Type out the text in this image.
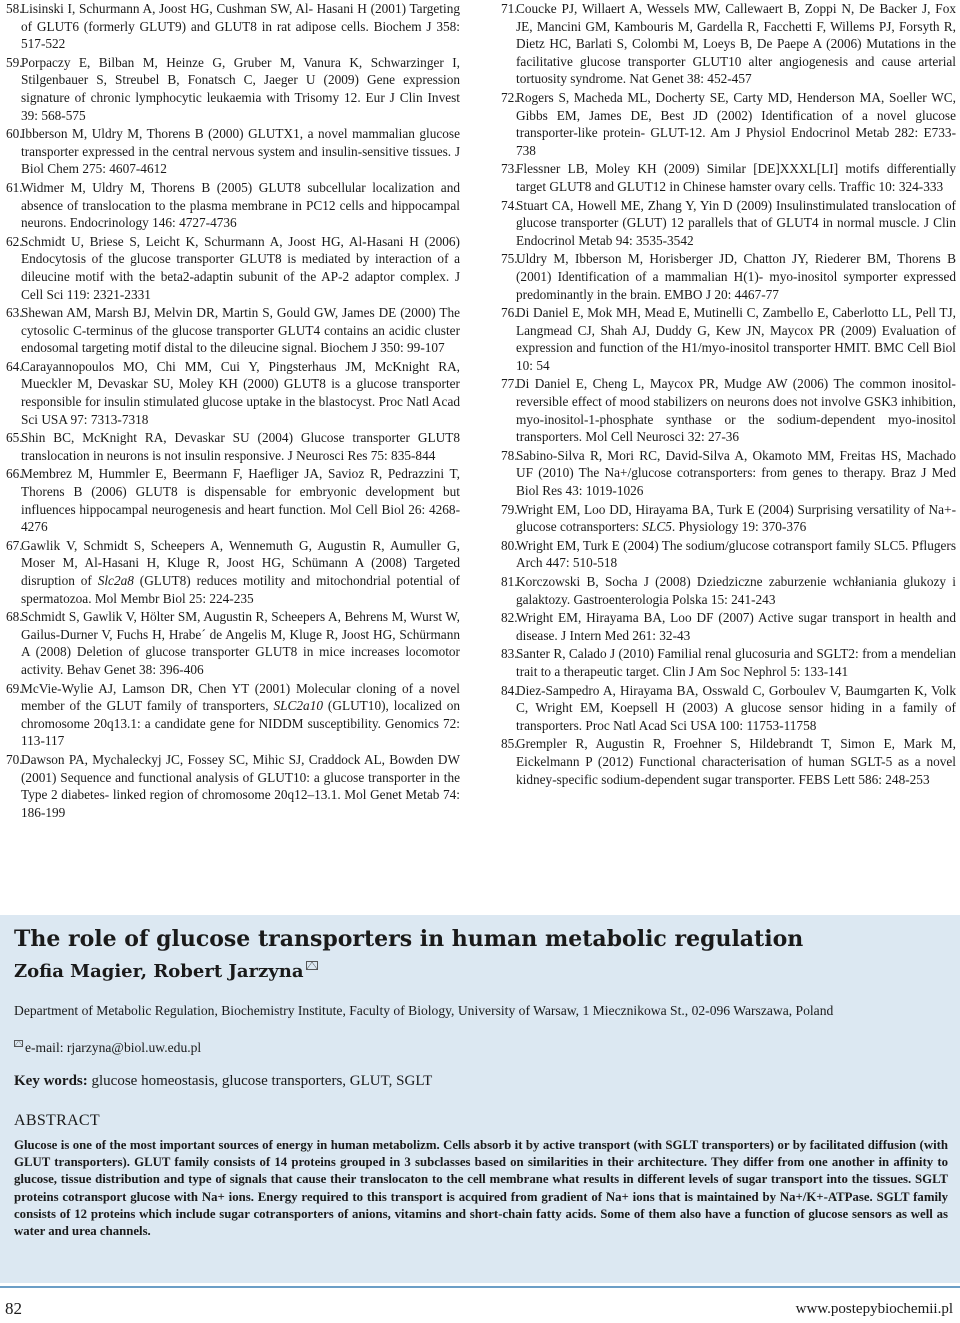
58.
Lisinski I, Schurmann A, Joost HG, Cushman SW, Al- Hasani H (2001) Targeting of GLUT6 (formerly GLUT9) and GLUT8 in rat adipose cells. Biochem J 358: 517-522
59.
Porpaczy E, Bilban M, Heinze G, Gruber M, Vanura K, Schwarzinger I, Stilgenbauer S, Streubel B, Fonatsch C, Jaeger U (2009) Gene expression signature of chronic lymphocytic leukaemia with Trisomy 12. Eur J Clin Invest 39: 568-575
60.
Ibberson M, Uldry M, Thorens B (2000) GLUTX1, a novel mammalian glucose transporter expressed in the central nervous system and insulin-sensitive tissues. J Biol Chem 275: 4607-4612
61.
Widmer M, Uldry M, Thorens B (2005) GLUT8 subcellular localization and absence of translocation to the plasma membrane in PC12 cells and hippocampal neurons. Endocrinology 146: 4727-4736
62.
Schmidt U, Briese S, Leicht K, Schurmann A, Joost HG, Al-Hasani H (2006) Endocytosis of the glucose transporter GLUT8 is mediated by interaction of a dileucine motif with the beta2-adaptin subunit of the AP-2 adaptor complex. J Cell Sci 119: 2321-2331
63.
Shewan AM, Marsh BJ, Melvin DR, Martin S, Gould GW, James DE (2000) The cytosolic C-terminus of the glucose transporter GLUT4 contains an acidic cluster endosomal targeting motif distal to the dileucine signal. Biochem J 350: 99-107
64.
Carayannopoulos MO, Chi MM, Cui Y, Pingsterhaus JM, McKnight RA, Mueckler M, Devaskar SU, Moley KH (2000) GLUT8 is a glucose transporter responsible for insulin stimulated glucose uptake in the blastocyst. Proc Natl Acad Sci USA 97: 7313-7318
65.
Shin BC, McKnight RA, Devaskar SU (2004) Glucose transporter GLUT8 translocation in neurons is not insulin responsive. J Neurosci Res 75: 835-844
66.
Membrez M, Hummler E, Beermann F, Haefliger JA, Savioz R, Pedrazzini T, Thorens B (2006) GLUT8 is dispensable for embryonic development but influences hippocampal neurogenesis and heart function. Mol Cell Biol 26: 4268-4276
67.
Gawlik V, Schmidt S, Scheepers A, Wennemuth G, Augustin R, Aumuller G, Moser M, Al-Hasani H, Kluge R, Joost HG, Schümann A (2008) Targeted disruption of Slc2a8 (GLUT8) reduces motility and mitochondrial potential of spermatozoa. Mol Membr Biol 25: 224-235
68.
Schmidt S, Gawlik V, Hölter SM, Augustin R, Scheepers A, Behrens M, Wurst W, Gailus-Durner V, Fuchs H, Hrabe´ de Angelis M, Kluge R, Joost HG, Schürmann A (2008) Deletion of glucose transporter GLUT8 in mice increases locomotor activity. Behav Genet 38: 396-406
69.
McVie-Wylie AJ, Lamson DR, Chen YT (2001) Molecular cloning of a novel member of the GLUT family of transporters, SLC2a10 (GLUT10), localized on chromosome 20q13.1: a candidate gene for NIDDM susceptibility. Genomics 72: 113-117
70.
Dawson PA, Mychaleckyj JC, Fossey SC, Mihic SJ, Craddock AL, Bowden DW (2001) Sequence and functional analysis of GLUT10: a glucose transporter in the Type 2 diabetes- linked region of chromosome 20q12–13.1. Mol Genet Metab 74: 186-199
71.
Coucke PJ, Willaert A, Wessels MW, Callewaert B, Zoppi N, De Backer J, Fox JE, Mancini GM, Kambouris M, Gardella R, Facchetti F, Willems PJ, Forsyth R, Dietz HC, Barlati S, Colombi M, Loeys B, De Paepe A (2006) Mutations in the facilitative glucose transporter GLUT10 alter angiogenesis and cause arterial tortuosity syndrome. Nat Genet 38: 452-457
72.
Rogers S, Macheda ML, Docherty SE, Carty MD, Henderson MA, Soeller WC, Gibbs EM, James DE, Best JD (2002) Identification of a novel glucose transporter-like protein- GLUT-12. Am J Physiol Endocrinol Metab 282: E733-738
73.
Flessner LB, Moley KH (2009) Similar [DE]XXXL[LI] motifs differentially target GLUT8 and GLUT12 in Chinese hamster ovary cells. Traffic 10: 324-333
74.
Stuart CA, Howell ME, Zhang Y, Yin D (2009) Insulinstimulated translocation of glucose transporter (GLUT) 12 parallels that of GLUT4 in normal muscle. J Clin Endocrinol Metab 94: 3535-3542
75.
Uldry M, Ibberson M, Horisberger JD, Chatton JY, Riederer BM, Thorens B (2001) Identification of a mammalian H(1)- myo-inositol symporter expressed predominantly in the brain. EMBO J 20: 4467-77
76.
Di Daniel E, Mok MH, Mead E, Mutinelli C, Zambello E, Caberlotto LL, Pell TJ, Langmead CJ, Shah AJ, Duddy G, Kew JN, Maycox PR (2009) Evaluation of expression and function of the H1/myo-inositol transporter HMIT. BMC Cell Biol 10: 54
77.
Di Daniel E, Cheng L, Maycox PR, Mudge AW (2006) The common inositol-reversible effect of mood stabilizers on neurons does not involve GSK3 inhibition, myo-inositol-1-phosphate synthase or the sodium-dependent myo-inositol transporters. Mol Cell Neurosci 32: 27-36
78.
Sabino-Silva R, Mori RC, David-Silva A, Okamoto MM, Freitas HS, Machado UF (2010) The Na+/glucose cotransporters: from genes to therapy. Braz J Med Biol Res 43: 1019-1026
79.
Wright EM, Loo DD, Hirayama BA, Turk E (2004) Surprising versatility of Na+-glucose cotransporters: SLC5. Physiology 19: 370-376
80.
Wright EM, Turk E (2004) The sodium/glucose cotransport family SLC5. Pflugers Arch 447: 510-518
81.
Korczowski B, Socha J (2008) Dziedziczne zaburzenie wchłaniania glukozy i galaktozy. Gastroenterologia Polska 15: 241-243
82.
Wright EM, Hirayama BA, Loo DF (2007) Active sugar transport in health and disease. J Intern Med 261: 32-43
83.
Santer R, Calado J (2010) Familial renal glucosuria and SGLT2: from a mendelian trait to a therapeutic target. Clin J Am Soc Nephrol 5: 133-141
84.
Diez-Sampedro A, Hirayama BA, Osswald C, Gorboulev V, Baumgarten K, Volk C, Wright EM, Koepsell H (2003) A glucose sensor hiding in a family of transporters. Proc Natl Acad Sci USA 100: 11753-11758
85.
Grempler R, Augustin R, Froehner S, Hildebrandt T, Simon E, Mark M, Eickelmann P (2012) Functional characterisation of human SGLT-5 as a novel kidney-specific sodium-dependent sugar transporter. FEBS Lett 586: 248-253
The role of glucose transporters in human metabolic regulation
Zofia Magier, Robert Jarzyna
Department of Metabolic Regulation, Biochemistry Institute, Faculty of Biology, University of Warsaw, 1 Miecznikowa St., 02-096 Warszawa, Poland
e-mail: rjarzyna@biol.uw.edu.pl
Key words: glucose homeostasis, glucose transporters, GLUT, SGLT
ABSTRACT
Glucose is one of the most important sources of energy in human metabolizm. Cells absorb it by active transport (with SGLT transporters) or by facilitated diffusion (with GLUT transporters). GLUT family consists of 14 proteins grouped in 3 subclasses based on similarities in their architecture. They differ from one another in affinity to glucose, tissue distribution and type of signals that cause their translocaton to the cell membrane what results in different levels of sugar transport into the tissues. SGLT proteins cotransport glucose with Na+ ions. Energy required to this transport is acquired from gradient of Na+ ions that is maintained by Na+/K+-ATPase. SGLT family consists of 12 proteins which include sugar cotransporters of anions, vitamins and short-chain fatty acids. Some of them also have a function of glucose sensors as well as water and urea channels.
82	www.postepybiochemii.pl
